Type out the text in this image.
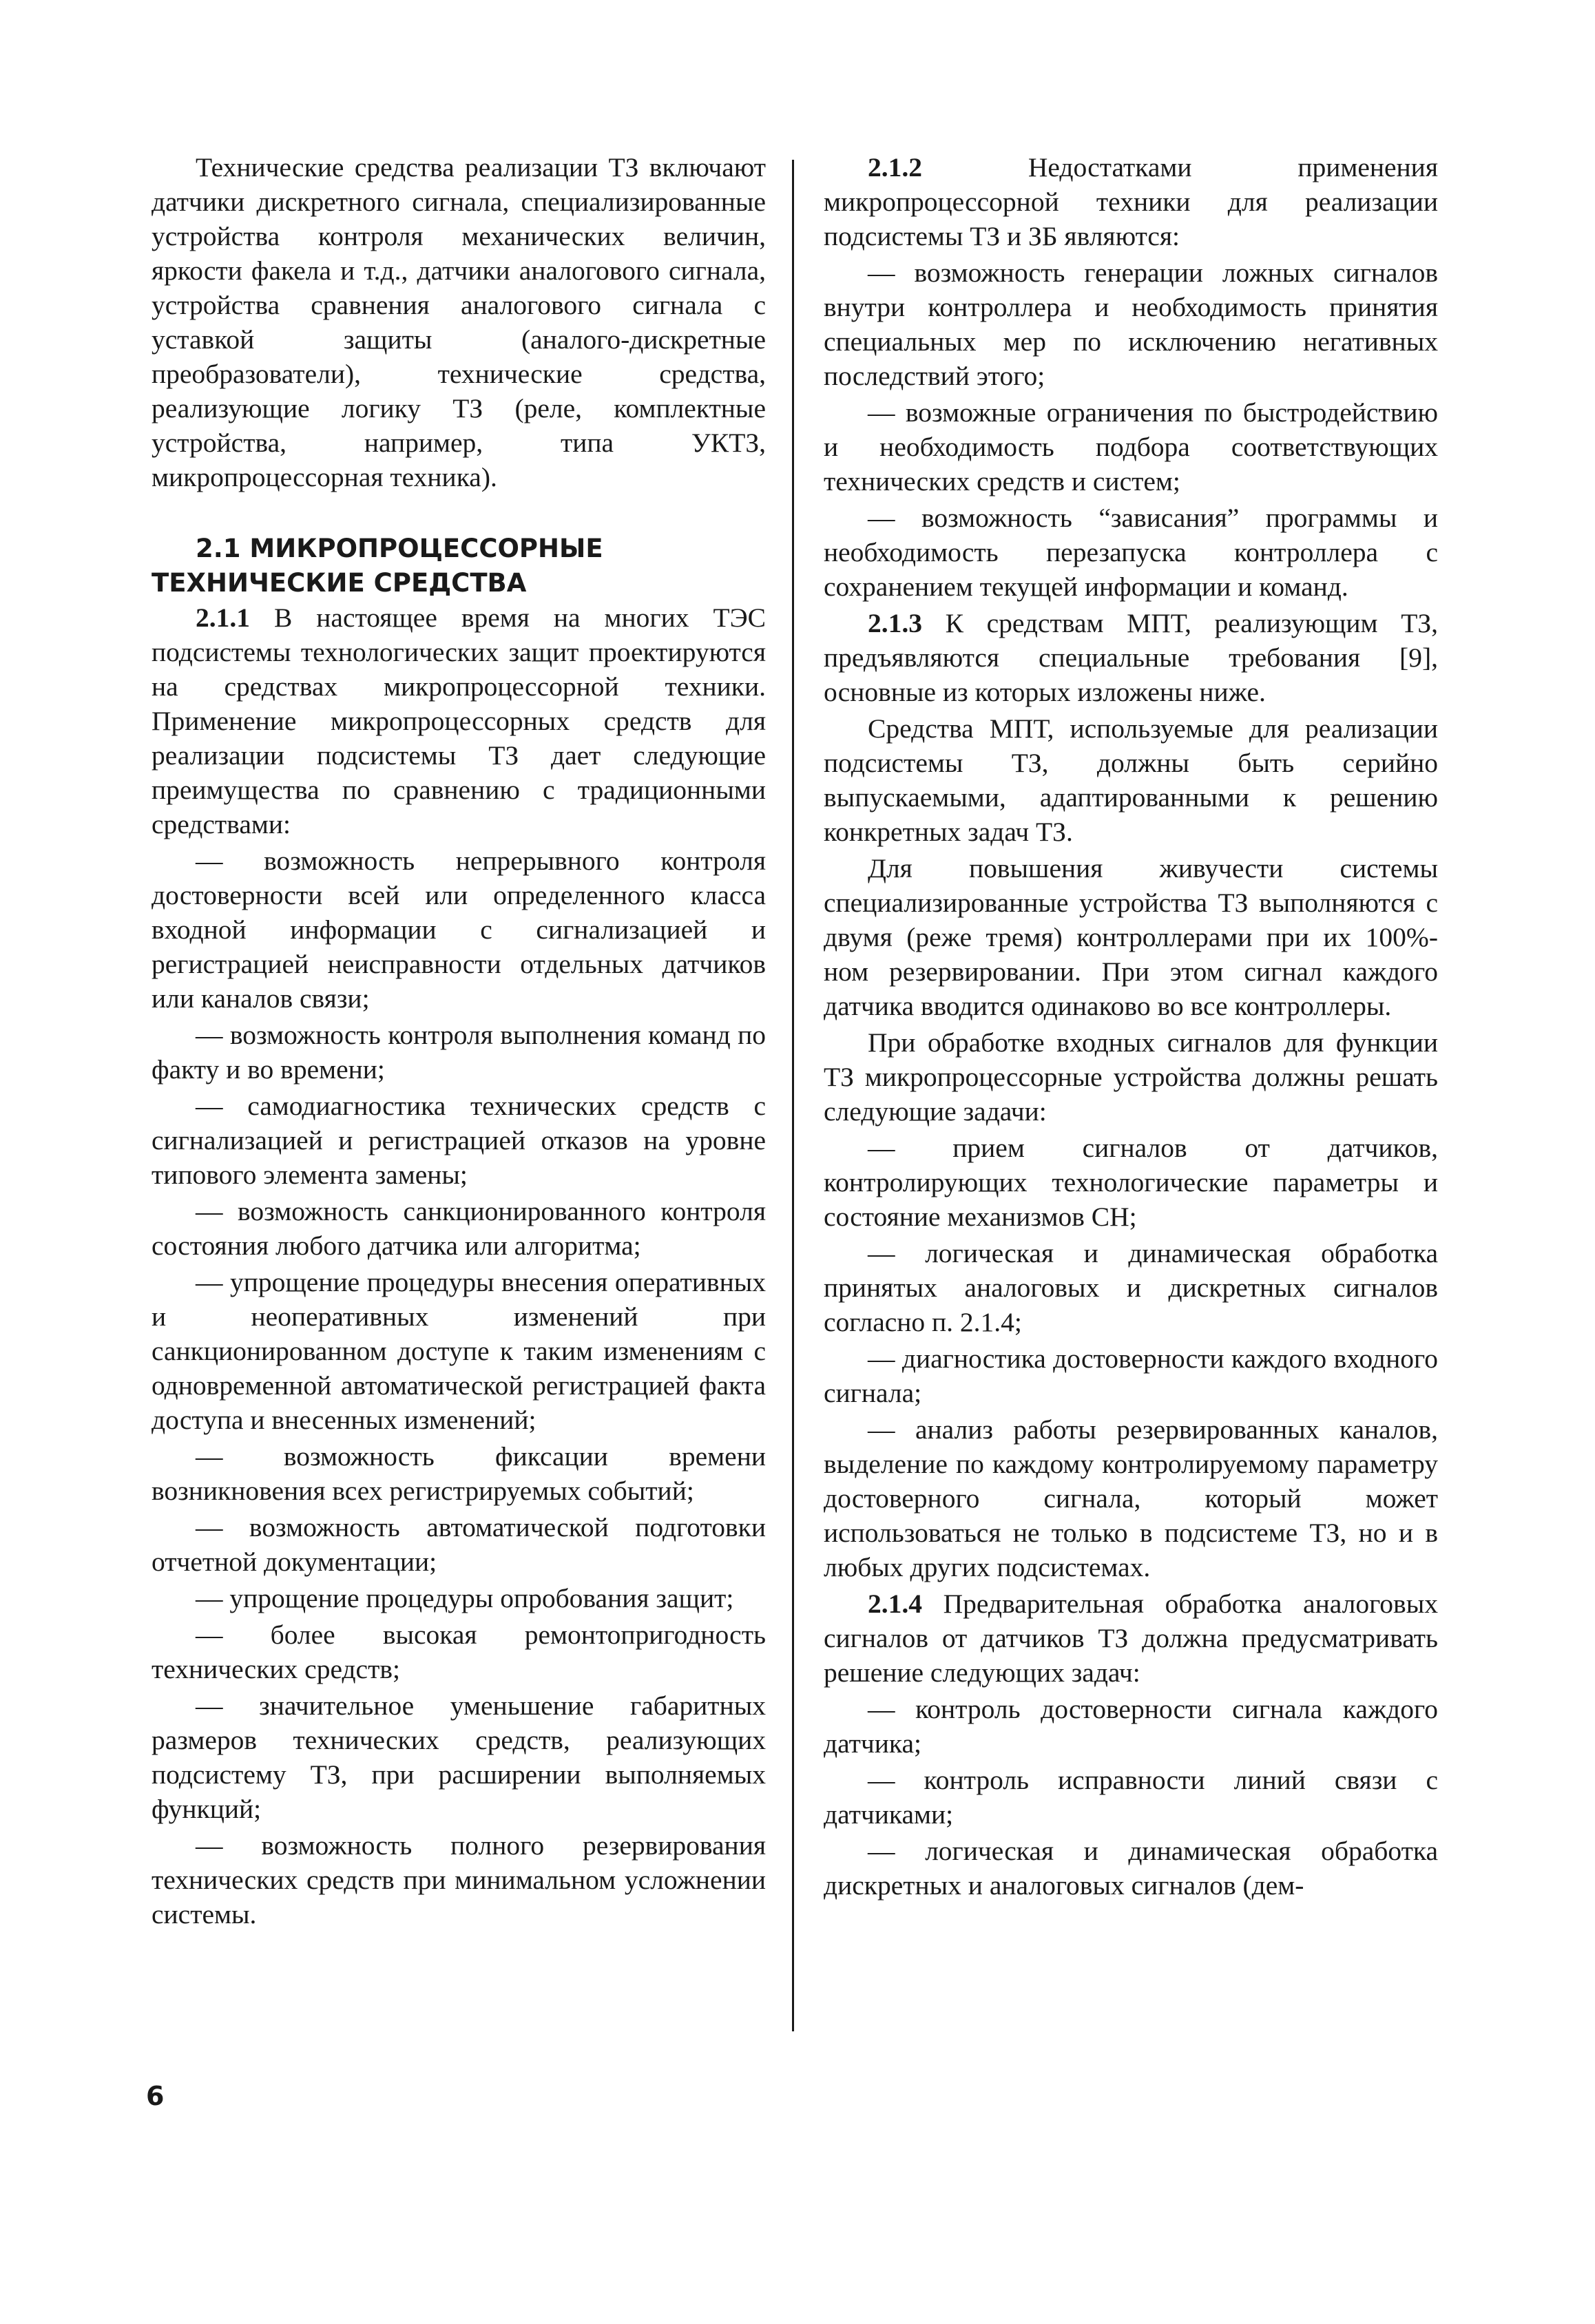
Технические средства реализации ТЗ включают датчики дискретного сигнала, специализированные устройства контроля механических величин, яркости факела и т.д., датчики аналогового сигнала, устройства сравнения аналогового сигнала с уставкой защиты (аналого-дискретные преобразователи), технические средства, реализующие логику ТЗ (реле, комплектные устройства, например, типа УКТЗ, микропроцессорная техника).

2.1 МИКРОПРОЦЕССОРНЫЕ
ТЕХНИЧЕСКИЕ СРЕДСТВА

2.1.1 В настоящее время на многих ТЭС подсистемы технологических защит проектируются на средствах микропроцессорной техники. Применение микропроцессорных средств для реализации подсистемы ТЗ дает следующие преимущества по сравнению с традиционными средствами:

— возможность непрерывного контроля достоверности всей или определенного класса входной информации с сигнализацией и регистрацией неисправности отдельных датчиков или каналов связи;

— возможность контроля выполнения команд по факту и во времени;

— самодиагностика технических средств с сигнализацией и регистрацией отказов на уровне типового элемента замены;

— возможность санкционированного контроля состояния любого датчика или алгоритма;

— упрощение процедуры внесения оперативных и неоперативных изменений при санкционированном доступе к таким изменениям с одновременной автоматической регистрацией факта доступа и внесенных изменений;

— возможность фиксации времени возникновения всех регистрируемых событий;

— возможность автоматической подготовки отчетной документации;

— упрощение процедуры опробования защит;

— более высокая ремонтопригодность технических средств;

— значительное уменьшение габаритных размеров технических средств, реализующих подсистему ТЗ, при расширении выполняемых функций;

— возможность полного резервирования технических средств при минимальном усложнении системы.

2.1.2 Недостатками применения микропроцессорной техники для реализации подсистемы ТЗ и ЗБ являются:

— возможность генерации ложных сигналов внутри контроллера и необходимость принятия специальных мер по исключению негативных последствий этого;

— возможные ограничения по быстродействию и необходимость подбора соответствующих технических средств и систем;

— возможность “зависания” программы и необходимость перезапуска контроллера с сохранением текущей информации и команд.

2.1.3 К средствам МПТ, реализующим ТЗ, предъявляются специальные требования [9], основные из которых изложены ниже.

Средства МПТ, используемые для реализации подсистемы ТЗ, должны быть серийно выпускаемыми, адаптированными к решению конкретных задач ТЗ.

Для повышения живучести системы специализированные устройства ТЗ выполняются с двумя (реже тремя) контроллерами при их 100%-ном резервировании. При этом сигнал каждого датчика вводится одинаково во все контроллеры.

При обработке входных сигналов для функции ТЗ микропроцессорные устройства должны решать следующие задачи:

— прием сигналов от датчиков, контролирующих технологические параметры и состояние механизмов СН;

— логическая и динамическая обработка принятых аналоговых и дискретных сигналов согласно п. 2.1.4;

— диагностика достоверности каждого входного сигнала;

— анализ работы резервированных каналов, выделение по каждому контролируемому параметру достоверного сигнала, который может использоваться не только в подсистеме ТЗ, но и в любых других подсистемах.

2.1.4 Предварительная обработка аналоговых сигналов от датчиков ТЗ должна предусматривать решение следующих задач:

— контроль достоверности сигнала каждого датчика;

— контроль исправности линий связи с датчиками;

— логическая и динамическая обработка дискретных и аналоговых сигналов (дем-

6
